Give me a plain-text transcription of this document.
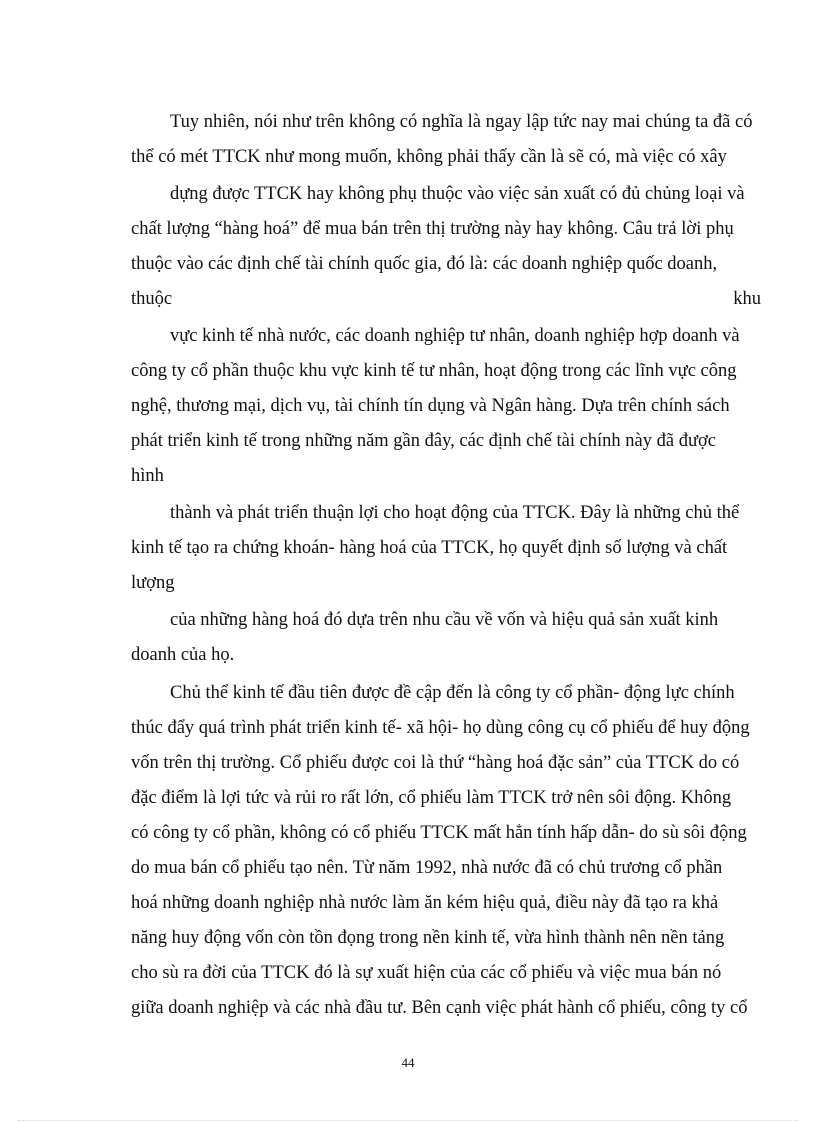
Tuy nhiên, nói như trên không có nghĩa là ngay lập tức nay mai chúng ta đã có
thể có mét TTCK như mong muốn, không phải thấy cần là sẽ có, mà việc có xây
dựng được TTCK hay không phụ thuộc vào việc sản xuất có đủ chủng loại và
chất lượng “hàng hoá” để mua bán trên thị trường này hay không. Câu trả lời phụ
thuộc vào các định chế tài chính quốc gia, đó là: các doanh nghiệp quốc doanh,
thuộc khu
vực kinh tế nhà nước, các doanh nghiệp tư nhân, doanh nghiệp hợp doanh và
công ty cổ phần thuộc khu vực kinh tế tư nhân, hoạt động trong các lĩnh vực công
nghệ, thương mại, dịch vụ, tài chính tín dụng và Ngân hàng. Dựa trên chính sách
phát triển kinh tế trong những năm gần đây, các định chế tài chính này đã được
hình
thành và phát triển thuận lợi cho hoạt động của TTCK. Đây là những chủ thể
kinh tế tạo ra chứng khoán- hàng hoá của TTCK, họ quyết định số lượng và chất
lượng
của những hàng hoá đó dựa trên nhu cầu về vốn và hiệu quả sản xuất kinh
doanh của họ.
Chủ thể kinh tế đầu tiên được đề cập đến là công ty cổ phần- động lực chính
thúc đẩy quá trình phát triển kinh tế- xã hội- họ dùng công cụ cổ phiếu để huy động
vốn trên thị trường. Cổ phiếu được coi là thứ “hàng hoá đặc sản” của TTCK do có
đặc điểm là lợi tức và rủi ro rất lớn, cổ phiếu làm TTCK trở nên sôi động. Không
có công ty cổ phần, không có cổ phiếu TTCK mất hẳn tính hấp dẫn- do sù sôi động
do mua bán cổ phiếu tạo nên. Từ năm 1992, nhà nước đã có chủ trương cổ phần
hoá những doanh nghiệp nhà nước làm ăn kém hiệu quả, điều này đã tạo ra khả
năng huy động vốn còn tồn đọng trong nền kinh tế, vừa hình thành nên nền tảng
cho sù ra đời của TTCK đó là sự xuất hiện của các cổ phiếu và việc mua bán nó
giữa doanh nghiệp và các nhà đầu tư. Bên cạnh việc phát hành cổ phiếu, công ty cổ
44
